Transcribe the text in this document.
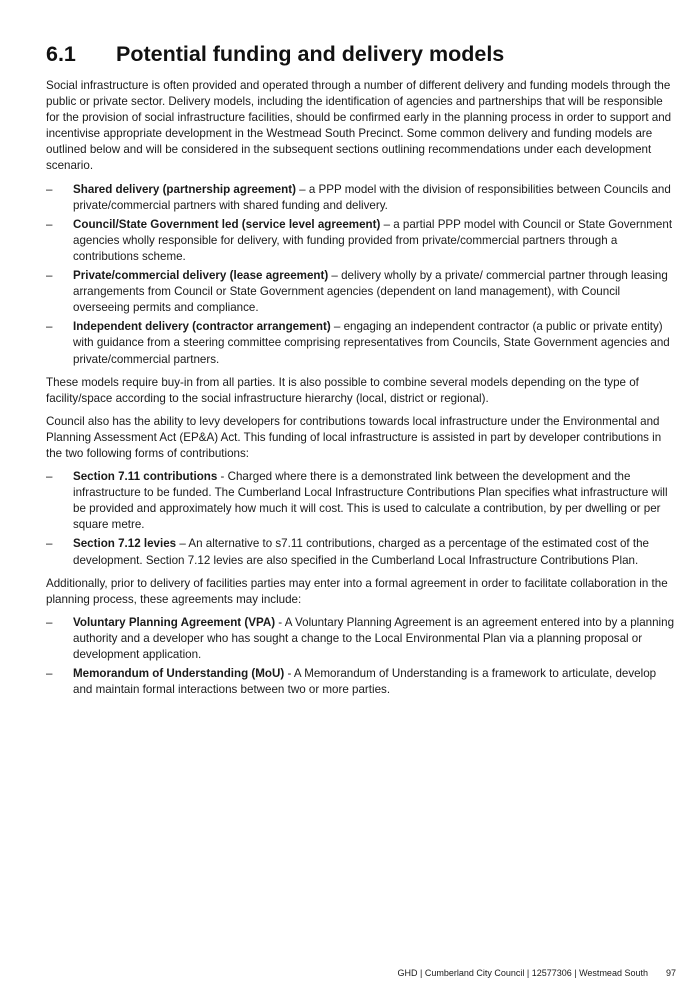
6.1	Potential funding and delivery models

Social infrastructure is often provided and operated through a number of different delivery and funding models through the public or private sector. Delivery models, including the identification of agencies and partnerships that will be responsible for the provision of social infrastructure facilities, should be confirmed early in the planning process in order to support and incentivise appropriate development in the Westmead South Precinct. Some common delivery and funding models are outlined below and will be considered in the subsequent sections outlining recommendations under each development scenario.

–	Shared delivery (partnership agreement) – a PPP model with the division of responsibilities between Councils and private/commercial partners with shared funding and delivery.
–	Council/State Government led (service level agreement) – a partial PPP model with Council or State Government agencies wholly responsible for delivery, with funding provided from private/commercial partners through a contributions scheme.
–	Private/commercial delivery (lease agreement) – delivery wholly by a private/ commercial partner through leasing arrangements from Council or State Government agencies (dependent on land management), with Council overseeing permits and compliance.
–	Independent delivery (contractor arrangement) – engaging an independent contractor (a public or private entity) with guidance from a steering committee comprising representatives from Councils, State Government agencies and private/commercial partners.

These models require buy-in from all parties. It is also possible to combine several models depending on the type of facility/space according to the social infrastructure hierarchy (local, district or regional).

Council also has the ability to levy developers for contributions towards local infrastructure under the Environmental and Planning Assessment Act (EP&A) Act. This funding of local infrastructure is assisted in part by developer contributions in the two following forms of contributions:

–	Section 7.11 contributions - Charged where there is a demonstrated link between the development and the infrastructure to be funded. The Cumberland Local Infrastructure Contributions Plan specifies what infrastructure will be provided and approximately how much it will cost. This is used to calculate a contribution, by per dwelling or per square metre.
–	Section 7.12 levies – An alternative to s7.11 contributions, charged as a percentage of the estimated cost of the development. Section 7.12 levies are also specified in the Cumberland Local Infrastructure Contributions Plan.

Additionally, prior to delivery of facilities parties may enter into a formal agreement in order to facilitate collaboration in the planning process, these agreements may include:

–	Voluntary Planning Agreement (VPA) - A Voluntary Planning Agreement is an agreement entered into by a planning authority and a developer who has sought a change to the Local Environmental Plan via a planning proposal or development application.
–	Memorandum of Understanding (MoU) - A Memorandum of Understanding is a framework to articulate, develop and maintain formal interactions between two or more parties.
GHD | Cumberland City Council | 12577306 | Westmead South 97
